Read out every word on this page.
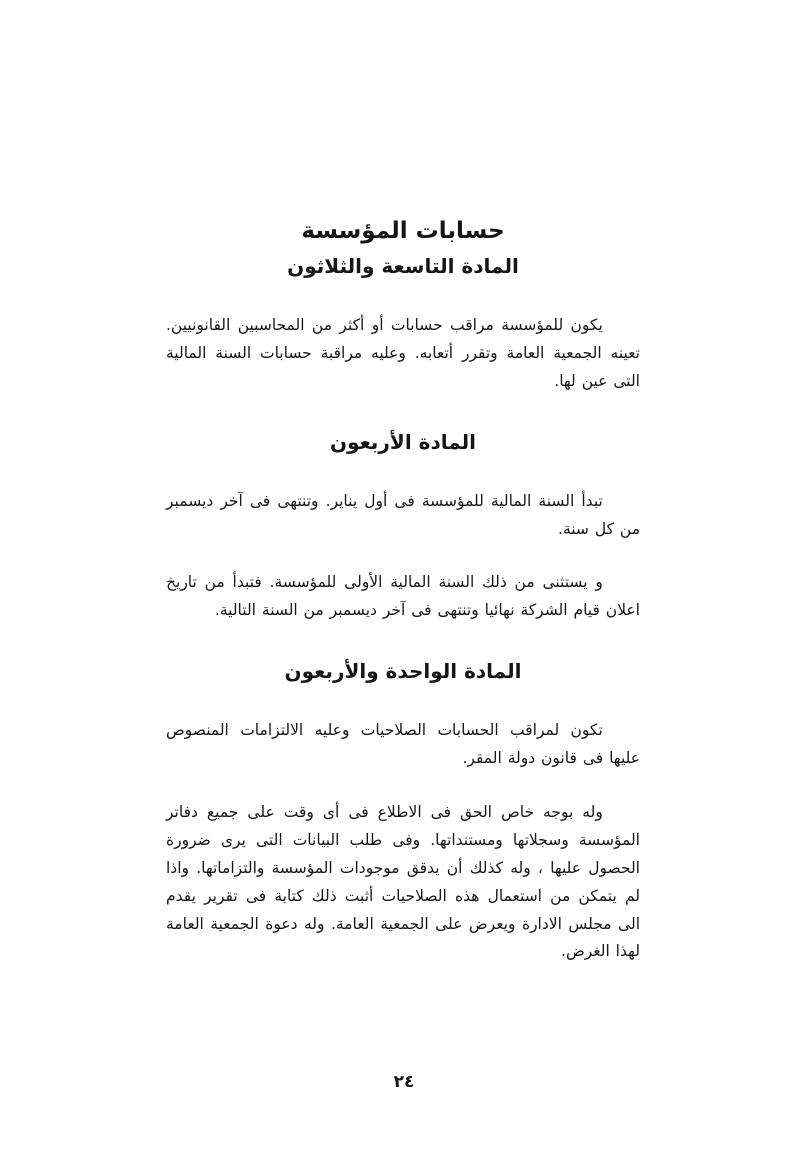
حسابات المؤسسة
المادة التاسعة والثلاثون

يكون للمؤسسة مراقب حسابات أو أكثر من المحاسبين القانونيين. تعينه الجمعية العامة وتقرر أتعابه. وعليه مراقبة حسابات السنة المالية التى عين لها.

المادة الأربعون

تبدأ السنة المالية للمؤسسة فى أول يناير. وتنتهى فى آخر ديسمبر من كل سنة.

و يستثنى من ذلك السنة المالية الأولى للمؤسسة. فتبدأ من تاريخ اعلان قيام الشركة نهائيا وتنتهى فى آخر ديسمبر من السنة التالية.

المادة الواحدة والأربعون

تكون لمراقب الحسابات الصلاحيات وعليه الالتزامات المنصوص عليها فى قانون دولة المقر.

وله بوجه خاص الحق فى الاطلاع فى أى وقت على جميع دفاتر المؤسسة وسجلاتها ومستنداتها. وفى طلب البيانات التى يرى ضرورة الحصول عليها ، وله كذلك أن يدقق موجودات المؤسسة والتزاماتها. واذا لم يتمكن من استعمال هذه الصلاحيات أثبت ذلك كتابة فى تقرير يقدم الى مجلس الادارة ويعرض على الجمعية العامة. وله دعوة الجمعية العامة لهذا الغرض.

٢٤
